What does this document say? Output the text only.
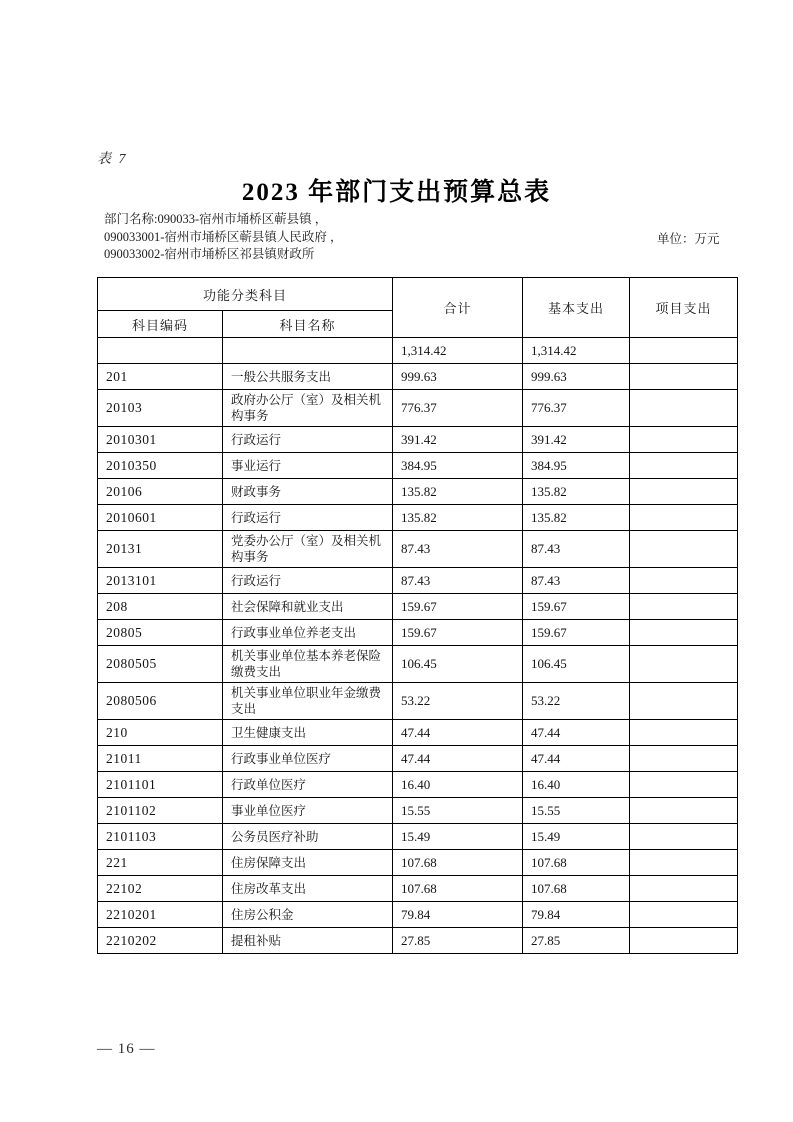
表 7
2023 年部门支出预算总表
部门名称:090033-宿州市埇桥区蕲县镇 ，
090033001-宿州市埇桥区蕲县镇人民政府 ，
090033002-宿州市埇桥区祁县镇财政所
单位：万元
功能分类科目		合计	基本支出	项目支出
科目编码	科目名称			
		1,314.42	1,314.42	
201	一般公共服务支出	999.63	999.63	
20103	政府办公厅（室）及相关机构事务	776.37	776.37	
2010301	行政运行	391.42	391.42	
2010350	事业运行	384.95	384.95	
20106	财政事务	135.82	135.82	
2010601	行政运行	135.82	135.82	
20131	党委办公厅（室）及相关机构事务	87.43	87.43	
2013101	行政运行	87.43	87.43	
208	社会保障和就业支出	159.67	159.67	
20805	行政事业单位养老支出	159.67	159.67	
2080505	机关事业单位基本养老保险缴费支出	106.45	106.45	
2080506	机关事业单位职业年金缴费支出	53.22	53.22	
210	卫生健康支出	47.44	47.44	
21011	行政事业单位医疗	47.44	47.44	
2101101	行政单位医疗	16.40	16.40	
2101102	事业单位医疗	15.55	15.55	
2101103	公务员医疗补助	15.49	15.49	
221	住房保障支出	107.68	107.68	
22102	住房改革支出	107.68	107.68	
2210201	住房公积金	79.84	79.84	
2210202	提租补贴	27.85	27.85	
— 16 —
